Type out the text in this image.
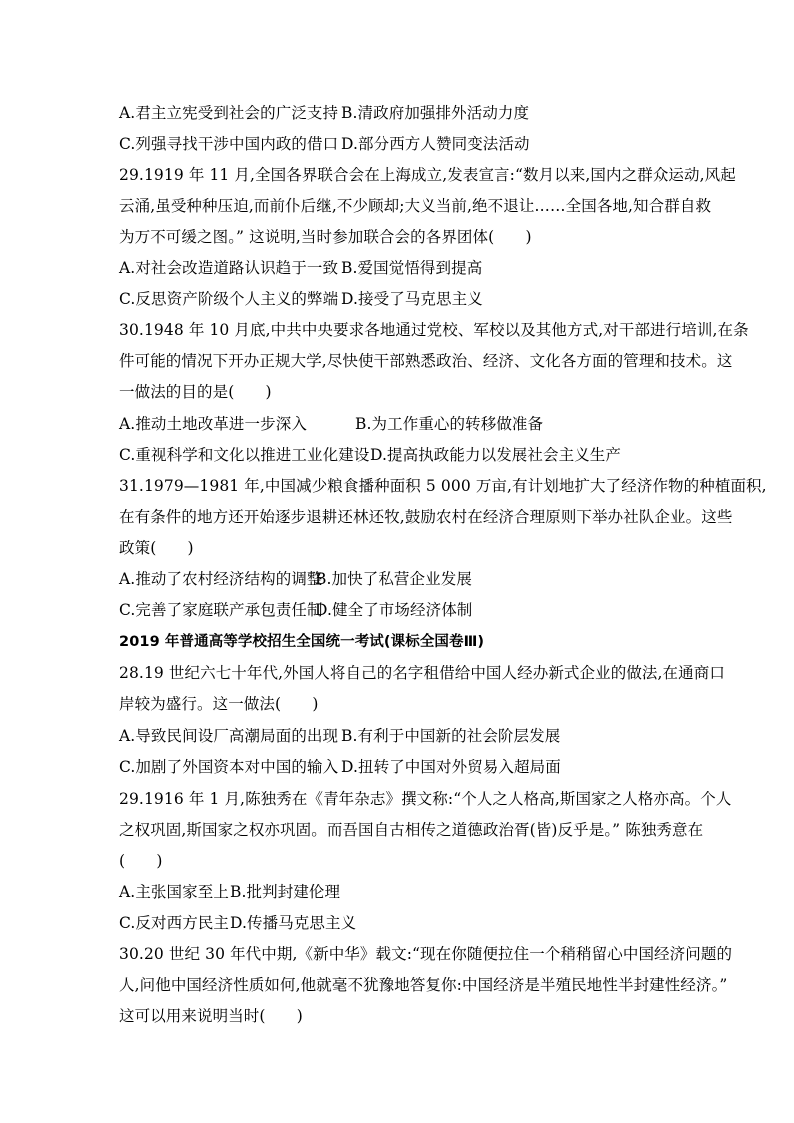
A.君主立宪受到社会的广泛支持 B.清政府加强排外活动力度
C.列强寻找干涉中国内政的借口 D.部分西方人赞同变法活动
29.1919 年 11 月,全国各界联合会在上海成立,发表宣言:“数月以来,国内之群众运动,风起
云涌,虽受种种压迫,而前仆后继,不少顾却;大义当前,绝不退让……全国各地,知合群自救
为万不可缓之图。” 这说明,当时参加联合会的各界团体(　　)
A.对社会改造道路认识趋于一致 B.爱国觉悟得到提高
C.反思资产阶级个人主义的弊端 D.接受了马克思主义
30.1948 年 10 月底,中共中央要求各地通过党校、军校以及其他方式,对干部进行培训,在条
件可能的情况下开办正规大学,尽快使干部熟悉政治、经济、文化各方面的管理和技术。这
一做法的目的是(　　)
A.推动土地改革进一步深入	B.为工作重心的转移做准备
C.重视科学和文化以推进工业化建设 D.提高执政能力以发展社会主义生产
31.1979—1981 年,中国减少粮食播种面积 5 000 万亩,有计划地扩大了经济作物的种植面积,
在有条件的地方还开始逐步退耕还林还牧,鼓励农村在经济合理原则下举办社队企业。这些
政策(　　)
A.推动了农村经济结构的调整
B.加快了私营企业发展
C.完善了家庭联产承包责任制
D.健全了市场经济体制
2019 年普通高等学校招生全国统一考试(课标全国卷Ⅲ)
28.19 世纪六七十年代,外国人将自己的名字租借给中国人经办新式企业的做法,在通商口
岸较为盛行。这一做法(　　)
A.导致民间设厂高潮局面的出现 B.有利于中国新的社会阶层发展
C.加剧了外国资本对中国的输入 D.扭转了中国对外贸易入超局面
29.1916 年 1 月,陈独秀在《青年杂志》撰文称:“个人之人格高,斯国家之人格亦高。个人
之权巩固,斯国家之权亦巩固。而吾国自古相传之道德政治胥(皆)反乎是。” 陈独秀意在
(　　)
A.主张国家至上 B.批判封建伦理
C.反对西方民主 D.传播马克思主义
30.20 世纪 30 年代中期,《新中华》载文:“现在你随便拉住一个稍稍留心中国经济问题的
人,问他中国经济性质如何,他就毫不犹豫地答复你:中国经济是半殖民地性半封建性经济。”
这可以用来说明当时(　　)
